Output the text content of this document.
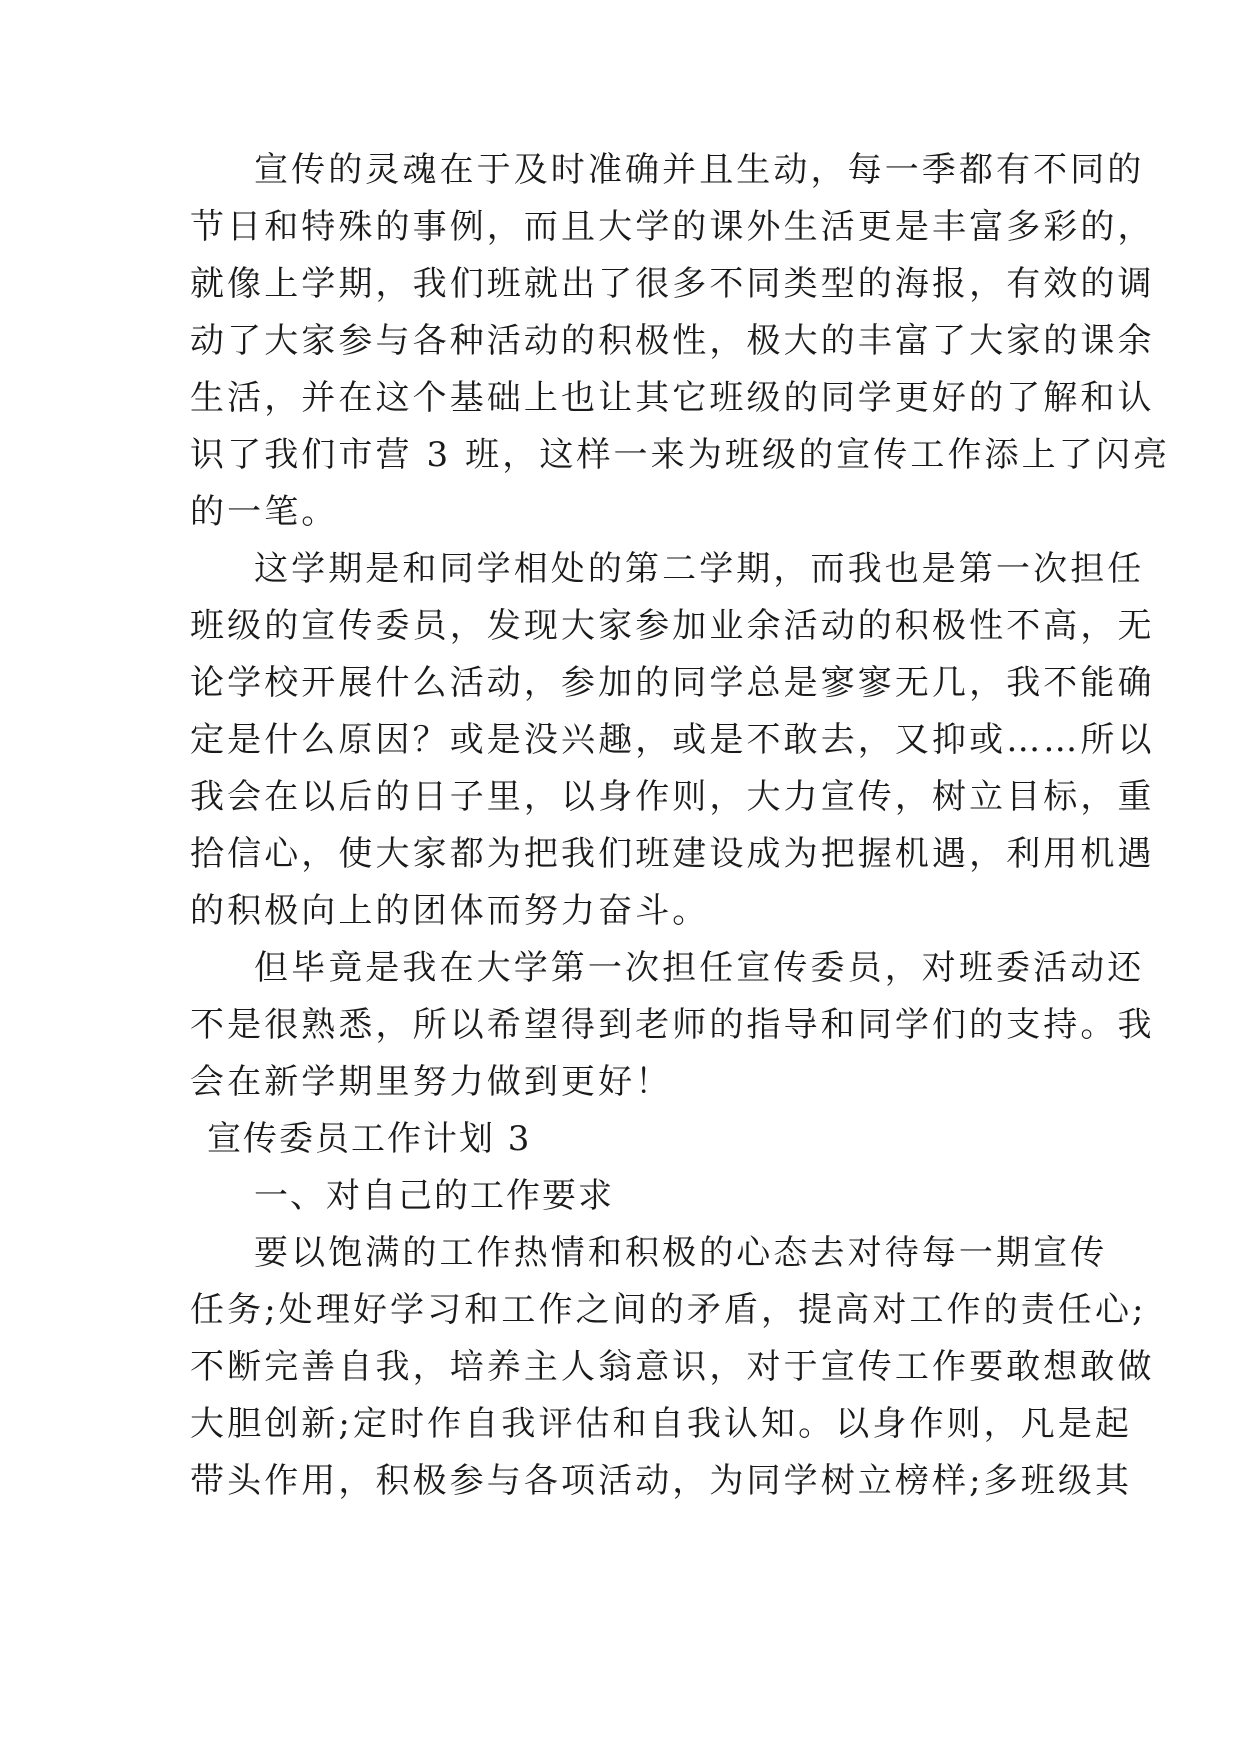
宣传的灵魂在于及时准确并且生动，每一季都有不同的
节日和特殊的事例，而且大学的课外生活更是丰富多彩的，
就像上学期，我们班就出了很多不同类型的海报，有效的调
动了大家参与各种活动的积极性，极大的丰富了大家的课余
生活，并在这个基础上也让其它班级的同学更好的了解和认
识了我们市营 3 班，这样一来为班级的宣传工作添上了闪亮
的一笔。
这学期是和同学相处的第二学期，而我也是第一次担任
班级的宣传委员，发现大家参加业余活动的积极性不高，无
论学校开展什么活动，参加的同学总是寥寥无几，我不能确
定是什么原因？或是没兴趣，或是不敢去，又抑或……所以
我会在以后的日子里，以身作则，大力宣传，树立目标，重
拾信心，使大家都为把我们班建设成为把握机遇，利用机遇
的积极向上的团体而努力奋斗。
但毕竟是我在大学第一次担任宣传委员，对班委活动还
不是很熟悉，所以希望得到老师的指导和同学们的支持。我
会在新学期里努力做到更好！
宣传委员工作计划 3
一、对自己的工作要求
要以饱满的工作热情和积极的心态去对待每一期宣传
任务;处理好学习和工作之间的矛盾，提高对工作的责任心;
不断完善自我，培养主人翁意识，对于宣传工作要敢想敢做
大胆创新;定时作自我评估和自我认知。以身作则，凡是起
带头作用，积极参与各项活动，为同学树立榜样;多班级其
